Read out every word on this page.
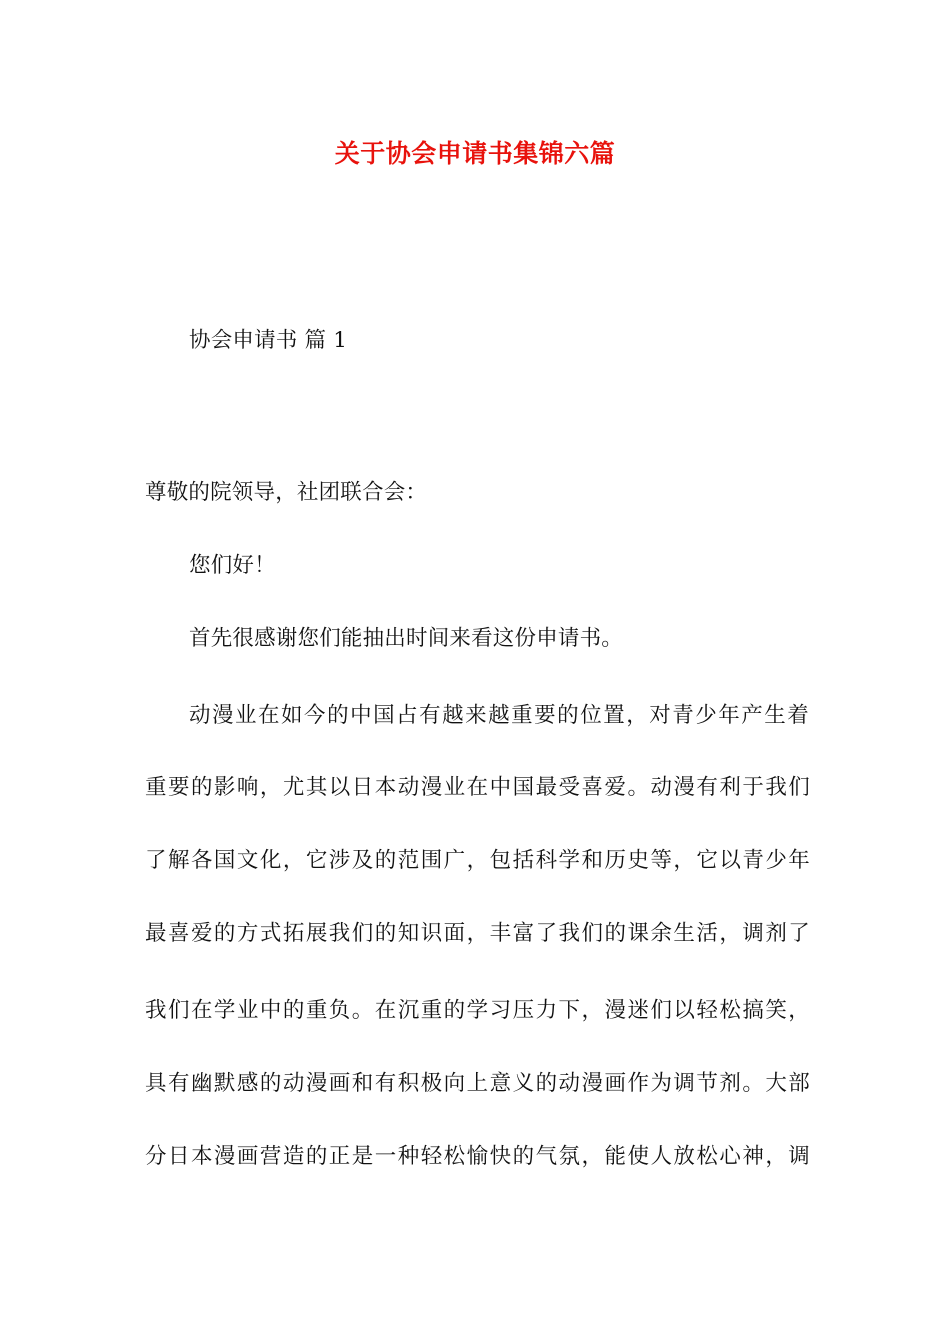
关于协会申请书集锦六篇
协会申请书 篇 1
尊敬的院领导，社团联合会：
您们好！
首先很感谢您们能抽出时间来看这份申请书。
动漫业在如今的中国占有越来越重要的位置，对青少年产生着
重要的影响，尤其以日本动漫业在中国最受喜爱。动漫有利于我们
了解各国文化，它涉及的范围广，包括科学和历史等，它以青少年
最喜爱的方式拓展我们的知识面，丰富了我们的课余生活，调剂了
我们在学业中的重负。在沉重的学习压力下，漫迷们以轻松搞笑，
具有幽默感的动漫画和有积极向上意义的动漫画作为调节剂。大部
分日本漫画营造的正是一种轻松愉快的气氛，能使人放松心神，调
